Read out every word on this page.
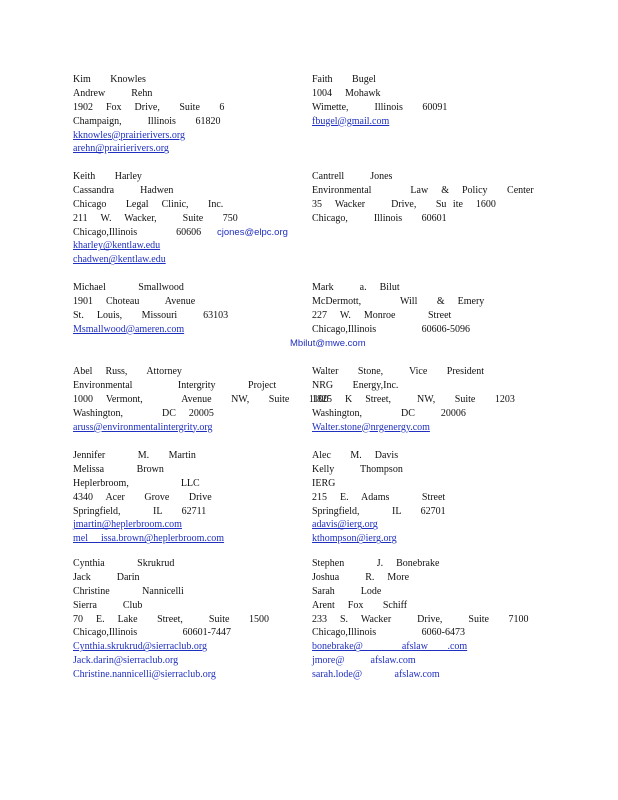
Kim   Knowles
Andrew    Rehn
1902  Fox  Drive,   Suite   6
Champaign,    Illinois   61820
kknowles@prairierivers.org
arehn@prairierivers.org
Faith   Bugel
1004  Mohawk
Wimette,    Illinois   60091
fbugel@gmail.com
Keith   Harley
Cassandra    Hadwen
Chicago   Legal  Clinic,   Inc.
211  W.  Wacker,    Suite   750
Chicago,Illinois      60606
kharley@kentlaw.edu
chadwen@kentlaw.edu
Cantrell    Jones
Environmental      Law  &  Policy   Center
35  Wacker    Drive,   Su ite  1600
Chicago,    Illinois   60601
cjones@elpc.org
Michael     Smallwood
1901  Choteau    Avenue
St.  Louis,   Missouri    63103
Msmallwood@ameren.com
Mark    a.  Bilut
McDermott,      Will   &  Emery
227  W.  Monroe     Street
Chicago,Illinois       60606-5096
Mbilut@mwe.com
Abel  Russ,   Attorney
Environmental       Intergrity     Project
1000  Vermont,      Avenue   NW,   Suite   1100
Washington,      DC  20005
aruss@environmentalintergrity.org
Walter   Stone,    Vice   President
NRG   Energy,Inc.
1825  K  Street,    NW,   Suite   1203
Washington,      DC    20006
Walter.stone@nrgenergy.com
Jennifer     M.   Martin
Melissa     Brown
Heplerbroom,        LLC
4340  Acer   Grove   Drive
Springfield,     IL   62711
jmartin@heplerbroom.com
mel  issa.brown@heplerbroom.com
Alec   M.  Davis
Kelly    Thompson
IERG
215  E.  Adams     Street
Springfield,     IL   62701
adavis@ierg.org
kthompson@ierg.org
Cynthia     Skrukrud
Jack    Darin
Christine     Nannicelli
Sierra    Club
70  E.  Lake   Street,    Suite   1500
Chicago,Illinois       60601-7447
Cynthia.skrukrud@sierraclub.org
Jack.darin@sierraclub.org
Christine.nannicelli@sierraclub.org
Stephen     J.  Bonebrake
Joshua    R.  More
Sarah    Lode
Arent  Fox   Schiff
233  S.  Wacker    Drive,    Suite   7100
Chicago,Illinois       6060-6473
bonebrake@      afslaw   .com
jmore@    afslaw.com
sarah.lode@     afslaw.com
